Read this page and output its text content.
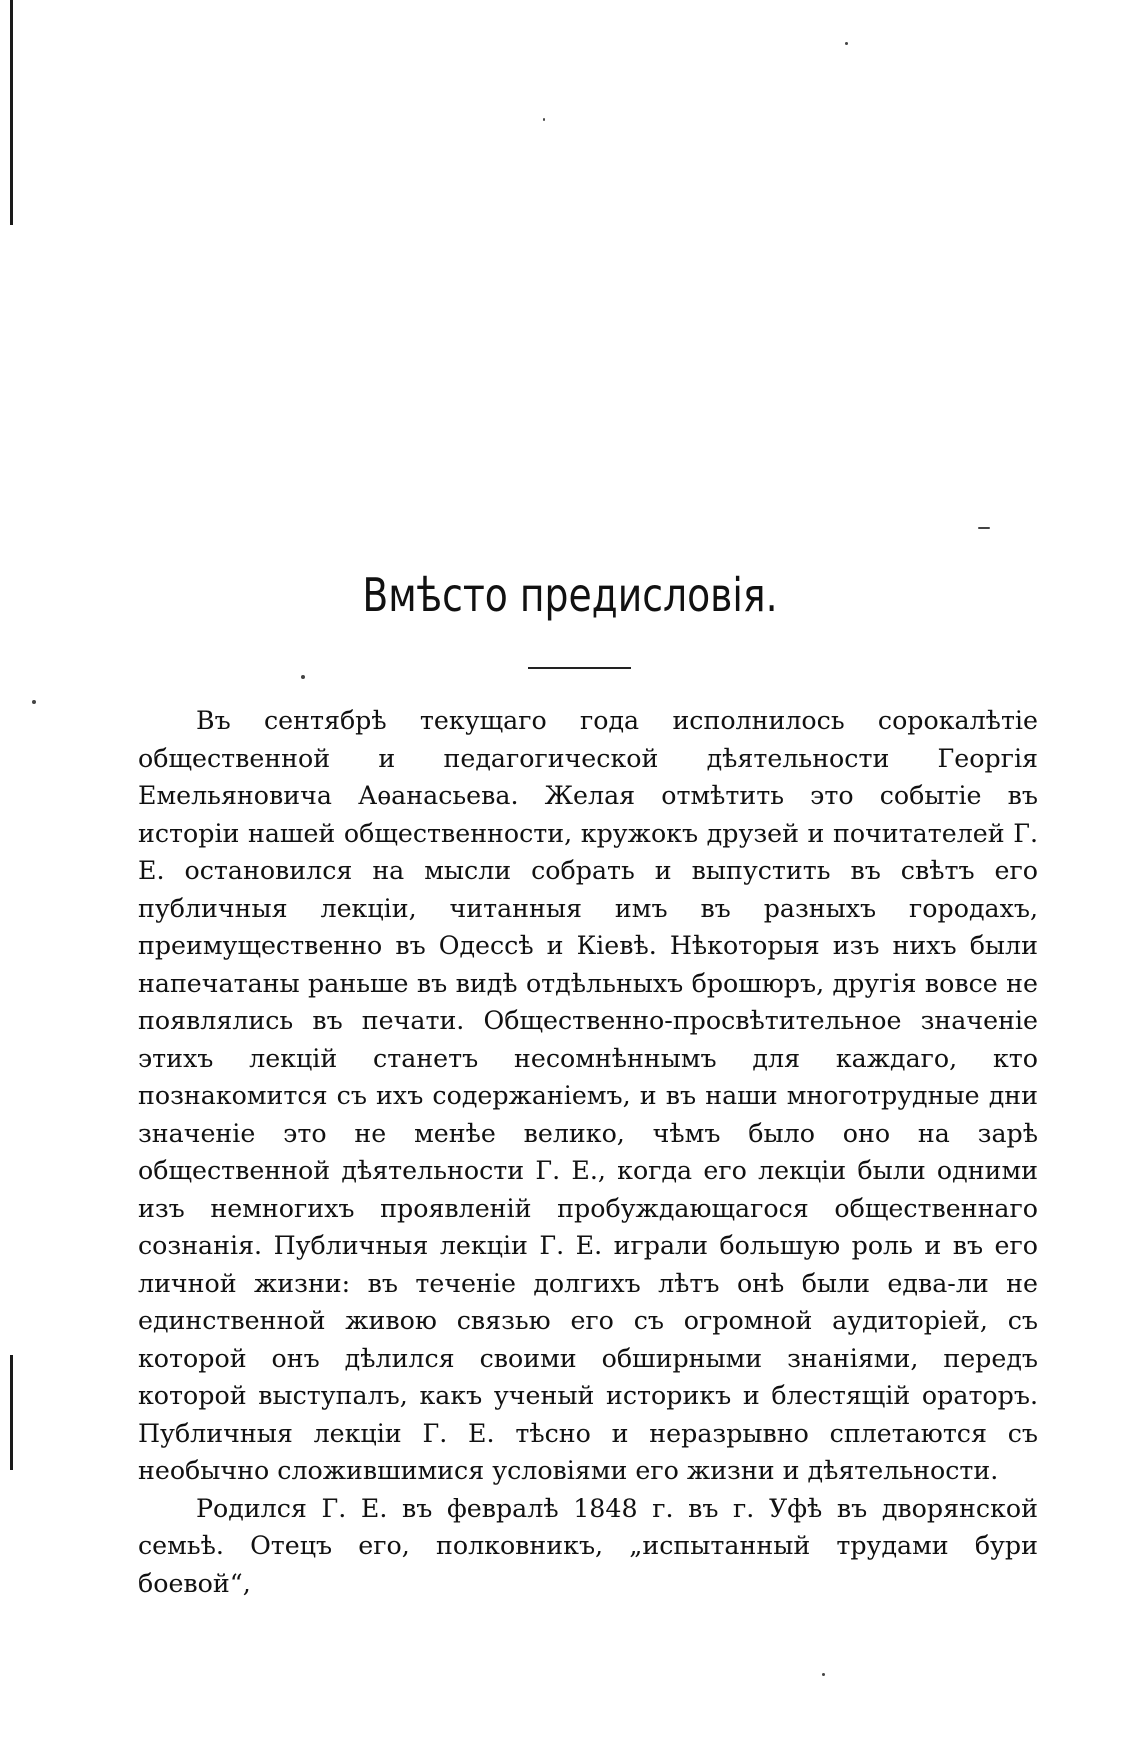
Вмѣсто предисловія.

Въ сентябрѣ текущаго года исполнилось сорокалѣтіе общественной и педагогической дѣятельности Георгія Емельяновича Аѳанасьева. Желая отмѣтить это событіе въ исторіи нашей общественности, кружокъ друзей и почитателей Г. Е. остановился на мысли собрать и выпустить въ свѣтъ его публичныя лекціи, читанныя имъ въ разныхъ городахъ, преимущественно въ Одессѣ и Кіевѣ. Нѣкоторыя изъ нихъ были напечатаны раньше въ видѣ отдѣльныхъ брошюръ, другія вовсе не появлялись въ печати. Общественно-просвѣтительное значеніе этихъ лекцій станетъ несомнѣннымъ для каждаго, кто познакомится съ ихъ содержаніемъ, и въ наши многотрудные дни значеніе это не менѣе велико, чѣмъ было оно на зарѣ общественной дѣятельности Г. Е., когда его лекціи были одними изъ немногихъ проявленій пробуждающагося общественнаго сознанія. Публичныя лекціи Г. Е. играли большую роль и въ его личной жизни: въ теченіе долгихъ лѣтъ онѣ были едва-ли не единственной живою связью его съ огромной аудиторіей, съ которой онъ дѣлился своими обширными знаніями, передъ которой выступалъ, какъ ученый историкъ и блестящій ораторъ. Публичныя лекціи Г. Е. тѣсно и неразрывно сплетаются съ необычно сложившимися условіями его жизни и дѣятельности.

Родился Г. Е. въ февралѣ 1848 г. въ г. Уфѣ въ дворянской семьѣ. Отецъ его, полковникъ, „испытанный трудами бури боевой“,
